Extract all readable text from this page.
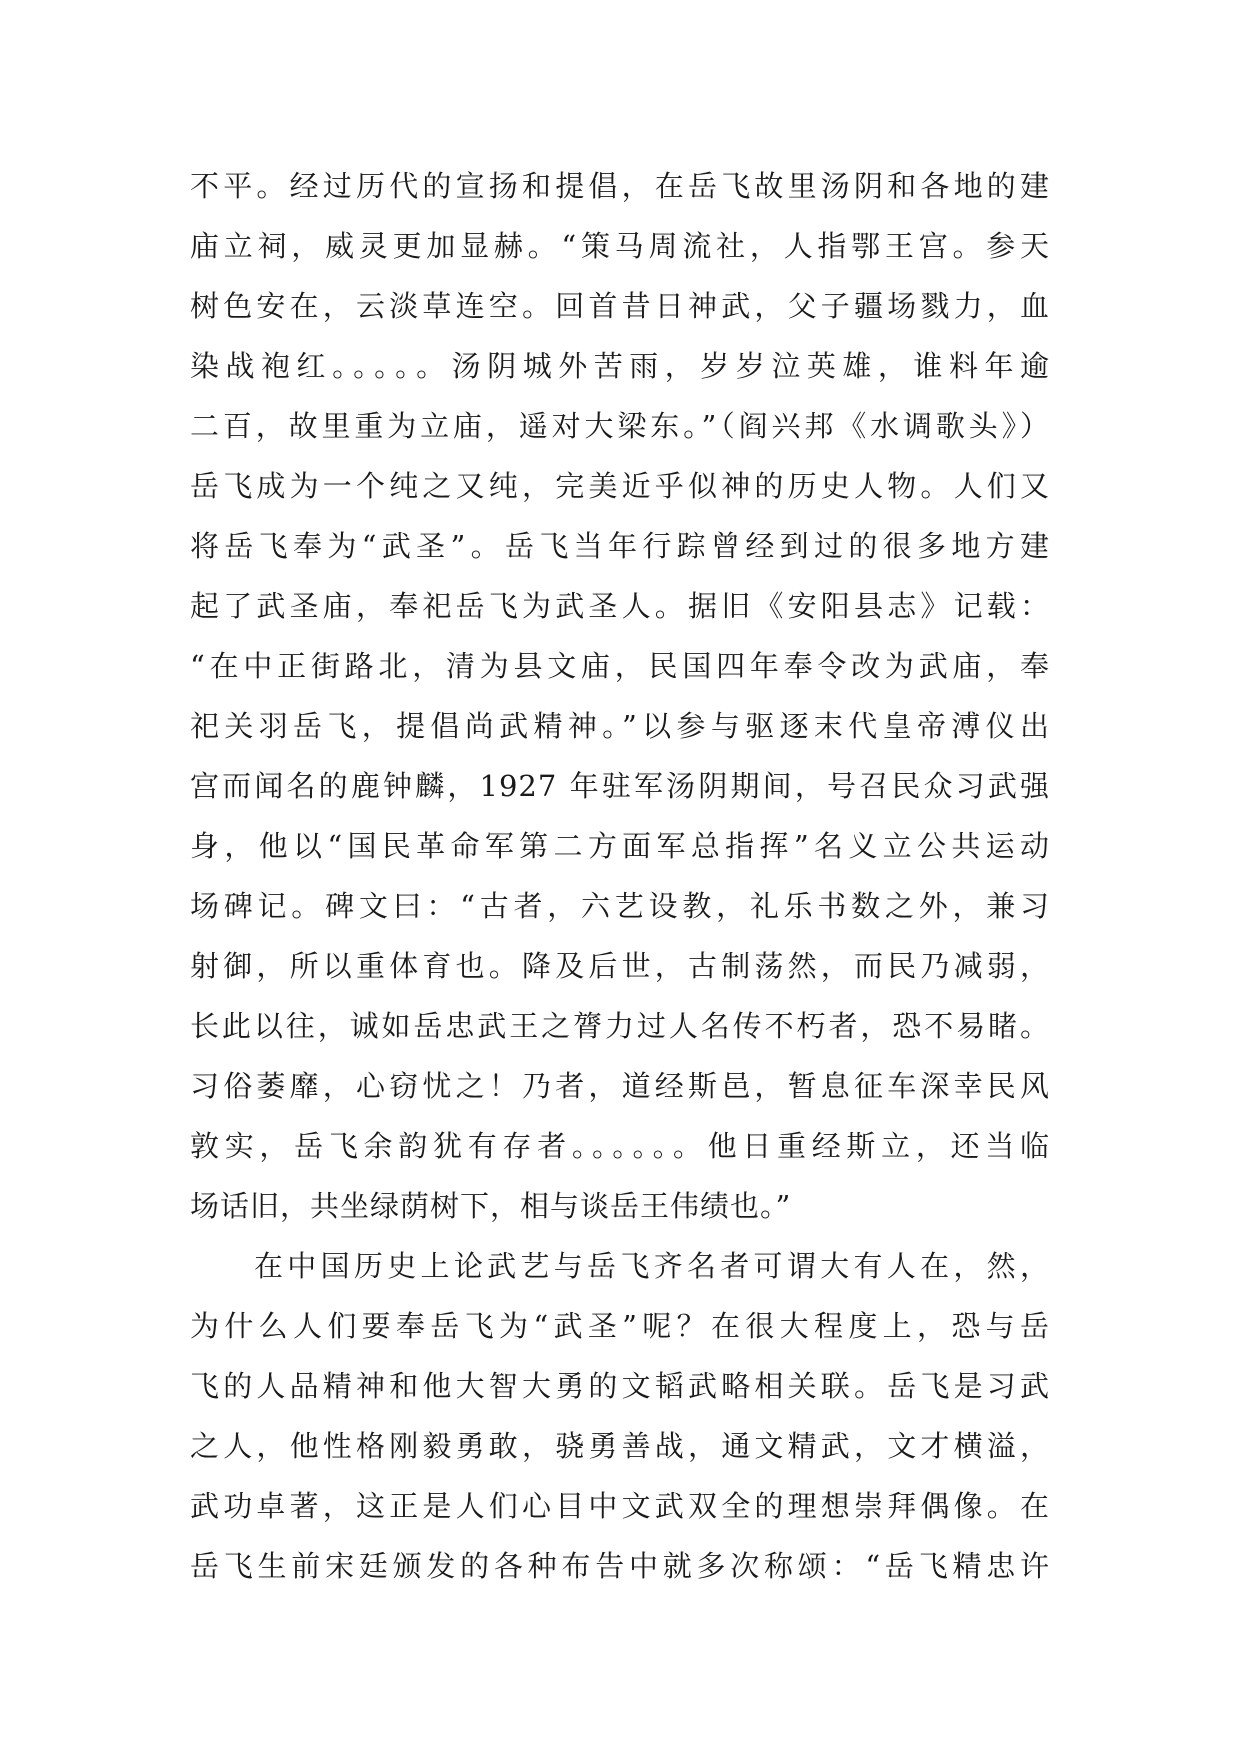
不平。经过历代的宣扬和提倡，在岳飞故里汤阴和各地的建
庙立祠，威灵更加显赫。“策马周流社，人指鄂王宫。参天
树色安在，云淡草连空。回首昔日神武，父子疆场戮力，血
染战袍红。。。。。汤阴城外苦雨，岁岁泣英雄，谁料年逾
二百，故里重为立庙，遥对大梁东。”（阎兴邦《水调歌头》）
岳飞成为一个纯之又纯，完美近乎似神的历史人物。人们又
将岳飞奉为“武圣”。岳飞当年行踪曾经到过的很多地方建
起了武圣庙，奉祀岳飞为武圣人。据旧《安阳县志》记载：
“在中正街路北，清为县文庙，民国四年奉令改为武庙，奉
祀关羽岳飞，提倡尚武精神。”以参与驱逐末代皇帝溥仪出
宫而闻名的鹿钟麟，1927 年驻军汤阴期间，号召民众习武强
身，他以“国民革命军第二方面军总指挥”名义立公共运动
场碑记。碑文曰：“古者，六艺设教，礼乐书数之外，兼习
射御，所以重体育也。降及后世，古制荡然，而民乃减弱，
长此以往，诚如岳忠武王之膂力过人名传不朽者，恐不易睹。
习俗萎靡，心窃忧之！乃者，道经斯邑，暂息征车深幸民风
敦实，岳飞余韵犹有存者。。。。。。他日重经斯立，还当临
场话旧，共坐绿荫树下，相与谈岳王伟绩也。”
在中国历史上论武艺与岳飞齐名者可谓大有人在，然，
为什么人们要奉岳飞为“武圣”呢？在很大程度上，恐与岳
飞的人品精神和他大智大勇的文韬武略相关联。岳飞是习武
之人，他性格刚毅勇敢，骁勇善战，通文精武，文才横溢，
武功卓著，这正是人们心目中文武双全的理想崇拜偶像。在
岳飞生前宋廷颁发的各种布告中就多次称颂：“岳飞精忠许
